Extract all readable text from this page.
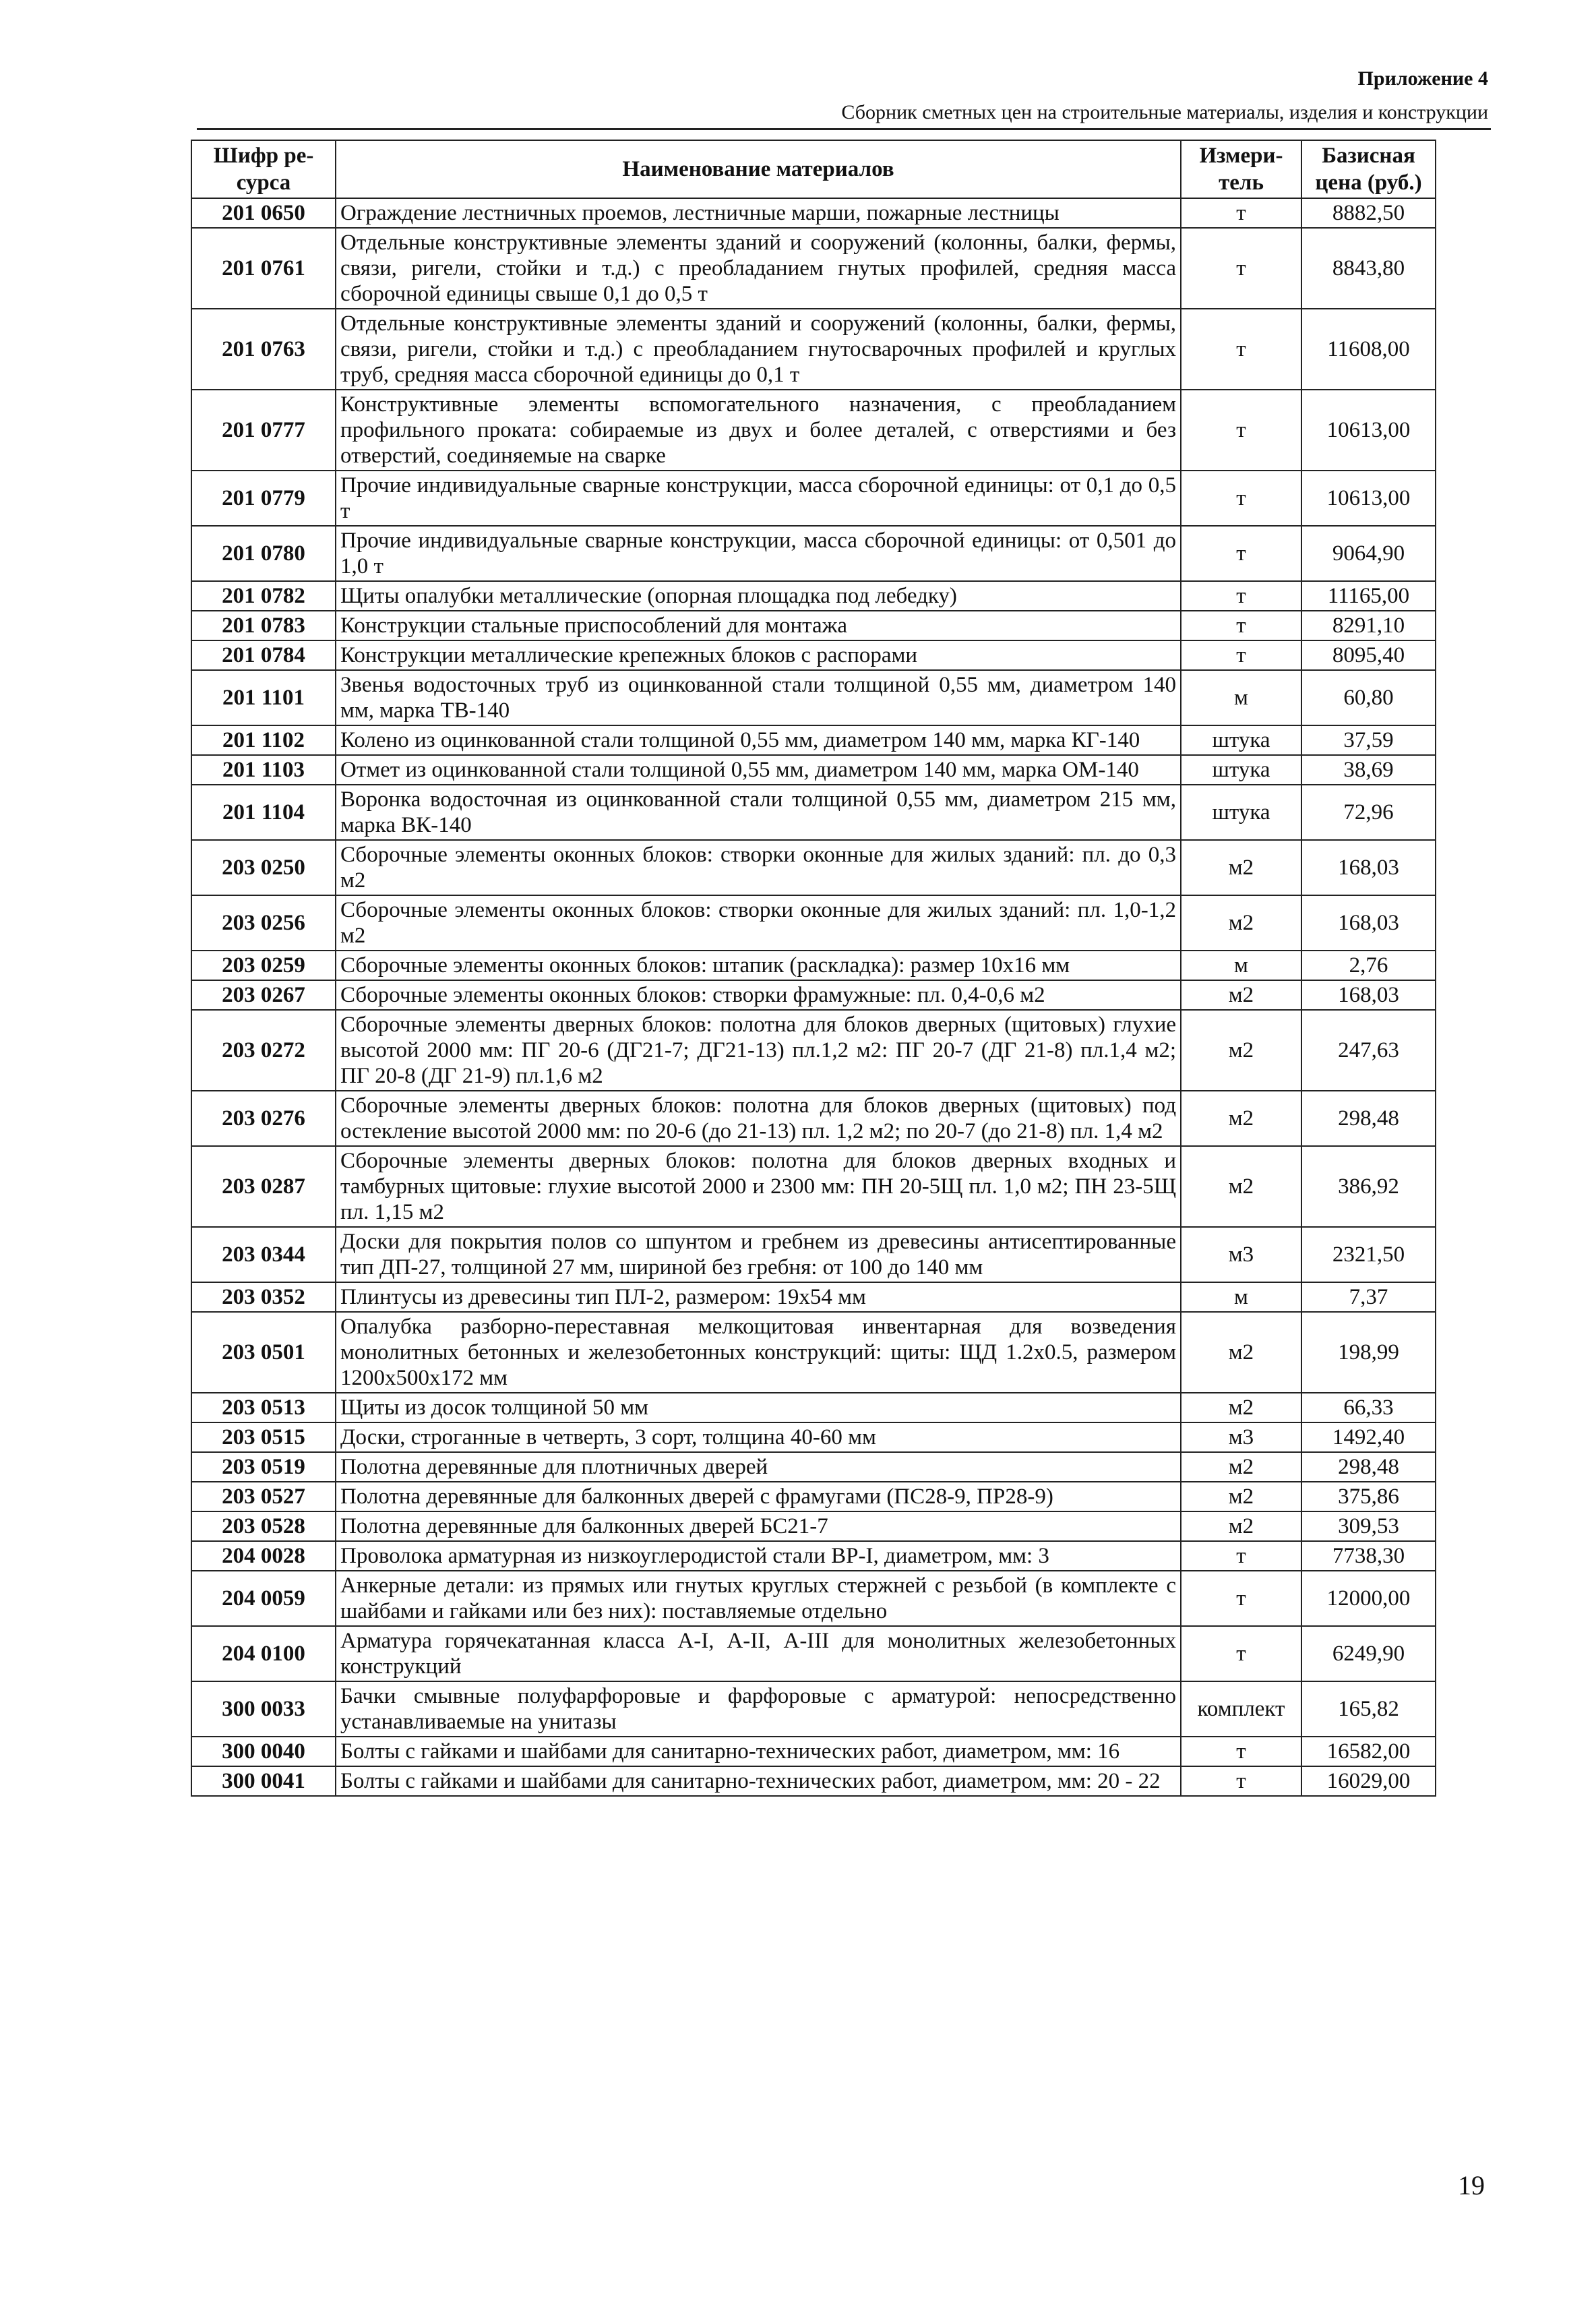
Приложение 4
Сборник сметных цен на строительные материалы, изделия и конструкции
Шифр ре-сурса	Наименование материалов	Измери-тель	Базисная цена (руб.)
201 0650	Ограждение лестничных проемов, лестничные марши, пожарные лестницы	т	8882,50
201 0761	Отдельные конструктивные элементы зданий и сооружений (колонны, балки, фермы, связи, ригели, стойки и т.д.) с преобладанием гнутых профилей, средняя масса сборочной единицы свыше 0,1 до 0,5 т	т	8843,80
201 0763	Отдельные конструктивные элементы зданий и сооружений (колонны, балки, фермы, связи, ригели, стойки и т.д.) с преобладанием гнутосварочных профилей и круглых труб, средняя масса сборочной единицы до 0,1 т	т	11608,00
201 0777	Конструктивные элементы вспомогательного назначения, с преобладанием профильного проката: собираемые из двух и более деталей, с отверстиями и без отверстий, соединяемые на сварке	т	10613,00
201 0779	Прочие индивидуальные сварные конструкции, масса сборочной единицы: от 0,1 до 0,5 т	т	10613,00
201 0780	Прочие индивидуальные сварные конструкции, масса сборочной единицы: от 0,501 до 1,0 т	т	9064,90
201 0782	Щиты опалубки металлические (опорная площадка под лебедку)	т	11165,00
201 0783	Конструкции стальные приспособлений для монтажа	т	8291,10
201 0784	Конструкции металлические крепежных блоков с распорами	т	8095,40
201 1101	Звенья водосточных труб из оцинкованной стали толщиной 0,55 мм, диаметром 140 мм, марка ТВ-140	м	60,80
201 1102	Колено из оцинкованной стали толщиной 0,55 мм, диаметром 140 мм, марка КГ-140	штука	37,59
201 1103	Отмет из оцинкованной стали толщиной 0,55 мм, диаметром 140 мм, марка ОМ-140	штука	38,69
201 1104	Воронка водосточная из оцинкованной стали толщиной 0,55 мм, диаметром 215 мм, марка ВК-140	штука	72,96
203 0250	Сборочные элементы оконных блоков: створки оконные для жилых зданий: пл. до 0,3 м2	м2	168,03
203 0256	Сборочные элементы оконных блоков: створки оконные для жилых зданий: пл. 1,0-1,2 м2	м2	168,03
203 0259	Сборочные элементы оконных блоков: штапик (раскладка): размер 10х16 мм	м	2,76
203 0267	Сборочные элементы оконных блоков: створки фрамужные: пл. 0,4-0,6 м2	м2	168,03
203 0272	Сборочные элементы дверных блоков: полотна для блоков дверных (щитовых) глухие высотой 2000 мм: ПГ 20-6 (ДГ21-7; ДГ21-13) пл.1,2 м2: ПГ 20-7 (ДГ 21-8) пл.1,4 м2; ПГ 20-8 (ДГ 21-9) пл.1,6 м2	м2	247,63
203 0276	Сборочные элементы дверных блоков: полотна для блоков дверных (щитовых) под остекление высотой 2000 мм: по 20-6 (до 21-13) пл. 1,2 м2; по 20-7 (до 21-8) пл. 1,4 м2	м2	298,48
203 0287	Сборочные элементы дверных блоков: полотна для блоков дверных входных и тамбурных щитовые: глухие высотой 2000 и 2300 мм: ПН 20-5Щ пл. 1,0 м2; ПН 23-5Щ пл. 1,15 м2	м2	386,92
203 0344	Доски для покрытия полов со шпунтом и гребнем из древесины антисептированные тип ДП-27, толщиной 27 мм, шириной без гребня: от 100 до 140 мм	м3	2321,50
203 0352	Плинтусы из древесины тип ПЛ-2, размером: 19х54 мм	м	7,37
203 0501	Опалубка разборно-переставная мелкощитовая инвентарная для возведения монолитных бетонных и железобетонных конструкций: щиты: ЩД 1.2х0.5, размером 1200х500х172 мм	м2	198,99
203 0513	Щиты из досок толщиной 50 мм	м2	66,33
203 0515	Доски, строганные в четверть, 3 сорт, толщина 40-60 мм	м3	1492,40
203 0519	Полотна деревянные для плотничных дверей	м2	298,48
203 0527	Полотна деревянные для балконных дверей с фрамугами (ПС28-9, ПР28-9)	м2	375,86
203 0528	Полотна деревянные для балконных дверей БС21-7	м2	309,53
204 0028	Проволока арматурная из низкоуглеродистой стали ВР-I, диаметром, мм: 3	т	7738,30
204 0059	Анкерные детали: из прямых или гнутых круглых стержней с резьбой (в комплекте с шайбами и гайками или без них): поставляемые отдельно	т	12000,00
204 0100	Арматура горячекатанная класса А-I, А-II, А-III для монолитных железобетонных конструкций	т	6249,90
300 0033	Бачки смывные полуфарфоровые и фарфоровые с арматурой: непосредственно устанавливаемые на унитазы	комплект	165,82
300 0040	Болты с гайками и шайбами для санитарно-технических работ, диаметром, мм: 16	т	16582,00
300 0041	Болты с гайками и шайбами для санитарно-технических работ, диаметром, мм: 20 - 22	т	16029,00
19
